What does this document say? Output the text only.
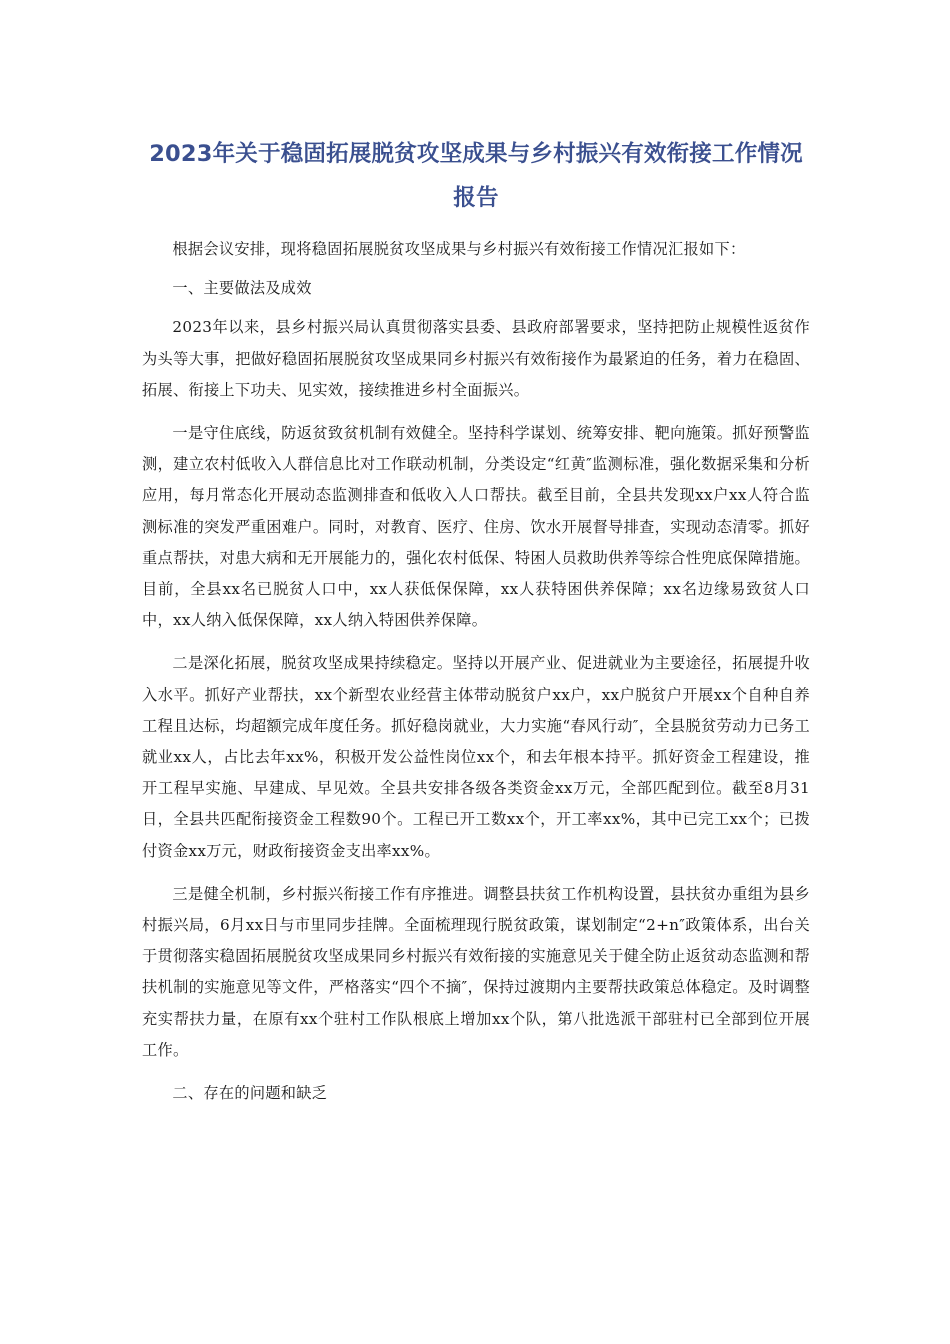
2023年关于稳固拓展脱贫攻坚成果与乡村振兴有效衔接工作情况报告

根据会议安排，现将稳固拓展脱贫攻坚成果与乡村振兴有效衔接工作情况汇报如下：

一、主要做法及成效

2023年以来，县乡村振兴局认真贯彻落实县委、县政府部署要求，坚持把防止规模性返贫作为头等大事，把做好稳固拓展脱贫攻坚成果同乡村振兴有效衔接作为最紧迫的任务，着力在稳固、拓展、衔接上下功夫、见实效，接续推进乡村全面振兴。

一是守住底线，防返贫致贫机制有效健全。坚持科学谋划、统筹安排、靶向施策。抓好预警监测，建立农村低收入人群信息比对工作联动机制，分类设定“红黄″监测标准，强化数据采集和分析应用，每月常态化开展动态监测排查和低收入人口帮扶。截至目前，全县共发现xx户xx人符合监测标准的突发严重困难户。同时，对教育、医疗、住房、饮水开展督导排查，实现动态清零。抓好重点帮扶，对患大病和无开展能力的，强化农村低保、特困人员救助供养等综合性兜底保障措施。目前，全县xx名已脱贫人口中，xx人获低保保障，xx人获特困供养保障；xx名边缘易致贫人口中，xx人纳入低保保障，xx人纳入特困供养保障。

二是深化拓展，脱贫攻坚成果持续稳定。坚持以开展产业、促进就业为主要途径，拓展提升收入水平。抓好产业帮扶，xx个新型农业经营主体带动脱贫户xx户，xx户脱贫户开展xx个自种自养工程且达标，均超额完成年度任务。抓好稳岗就业，大力实施“春风行动″，全县脱贫劳动力已务工就业xx人，占比去年xx%，积极开发公益性岗位xx个，和去年根本持平。抓好资金工程建设，推开工程早实施、早建成、早见效。全县共安排各级各类资金xx万元，全部匹配到位。截至8月31日，全县共匹配衔接资金工程数90个。工程已开工数xx个，开工率xx%，其中已完工xx个；已拨付资金xx万元，财政衔接资金支出率xx%。

三是健全机制，乡村振兴衔接工作有序推进。调整县扶贫工作机构设置，县扶贫办重组为县乡村振兴局，6月xx日与市里同步挂牌。全面梳理现行脱贫政策，谋划制定“2+n″政策体系，出台关于贯彻落实稳固拓展脱贫攻坚成果同乡村振兴有效衔接的实施意见关于健全防止返贫动态监测和帮扶机制的实施意见等文件，严格落实“四个不摘″，保持过渡期内主要帮扶政策总体稳定。及时调整充实帮扶力量，在原有xx个驻村工作队根底上增加xx个队，第八批选派干部驻村已全部到位开展工作。

二、存在的问题和缺乏
